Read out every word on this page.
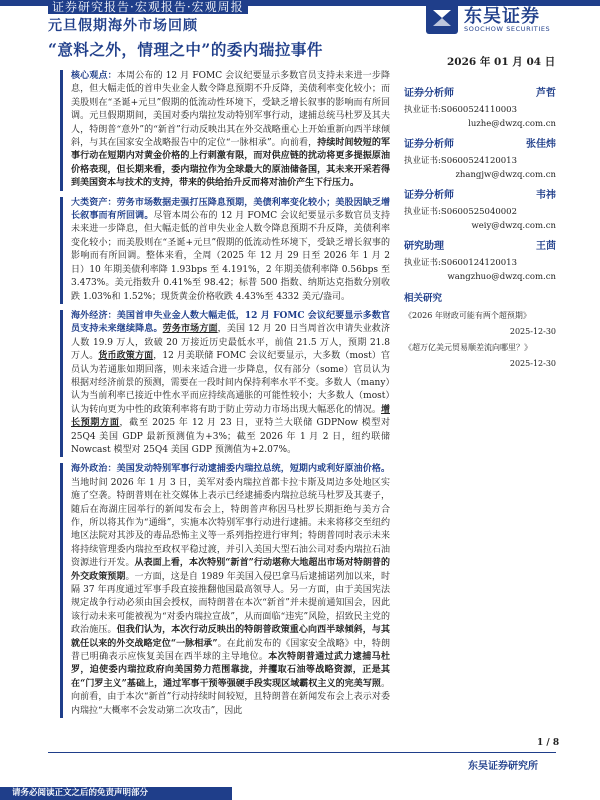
证券研究报告·宏观报告·宏观周报
元旦假期海外市场回顾
“意料之外，情理之中”的委内瑞拉事件
东吴证券
SOOCHOW SECURITIES
2026 年 01 月 04 日
核心观点：本周公布的 12 月 FOMC 会议纪要显示多数官员支持未来进一步降息，但大幅走低的首申失业金人数令降息预期不升反降，美债利率变化较小；而美股则在“圣诞+元旦”假期的低流动性环境下，受缺乏增长叙事的影响而有所回调。元旦假期期间，美国对委内瑞拉发动特别军事行动，逮捕总统马杜罗及其夫人，特朗普“意外”的“新首”行动反映出其在外交战略重心上开始重新向西半球倾斜，与其在国家安全战略报告中的定位“一脉相承”。向前看，持续时间较短的军事行动在短期内对黄金价格的上行刺激有限，而对供应链的扰动将更多提振原油价格表现，但长期来看，委内瑞拉作为全球最大的原油储备国，其未来开采若得到美国资本与技术的支持，带来的供给抬升反而将对油价产生下行压力。
大类资产：劳务市场数据走强打压降息预期，美债利率变化较小；美股因缺乏增长叙事而有所回调。尽管本周公布的 12 月 FOMC 会议纪要显示多数官员支持未来进一步降息，但大幅走低的首申失业金人数令降息预期不升反降，美债利率变化较小；而美股则在“圣诞+元旦”假期的低流动性环境下，受缺乏增长叙事的影响而有所回调。整体来看，全周（2025 年 12 月 29 日至 2026 年 1 月 2 日）10 年期美债利率降 1.93bps 至 4.191%，2 年期美债利率降 0.56bps 至 3.473%。美元指数升 0.41%至 98.42；标普 500 指数、纳斯达克指数分别收跌 1.03%和 1.52%；现货黄金价格收跌 4.43%至 4332 美元/盎司。
海外经济：美国首申失业金人数大幅走低，12 月 FOMC 会议纪要显示多数官员支持未来继续降息。劳务市场方面，美国 12 月 20 日当周首次申请失业救济人数 19.9 万人，致破 20 万接近历史最低水平，前值 21.5 万人，预期 21.8 万人。货币政策方面，12 月美联储 FOMC 会议纪要显示，大多数（most）官员认为若通胀如期回落，则未来适合进一步降息，仅有部分（some）官员认为根据对经济前景的预测，需要在一段时间内保持利率水平不变。多数人（many）认为当前利率已接近中性水平而应持续高通胀的可能性较小；大多数人（most）认为转向更为中性的政策利率将有助于防止劳动力市场出现大幅恶化的情况。增长预期方面，截至 2025 年 12 月 23 日，亚特兰大联储 GDPNow 模型对 25Q4 美国 GDP 最新预测值为+3%；截至 2026 年 1 月 2 日，纽约联储 Nowcast 模型对 25Q4 美国 GDP 预测值为+2.07%。
海外政治：美国发动特别军事行动逮捕委内瑞拉总统，短期内或利好原油价格。当地时间 2026 年 1 月 3 日，美军对委内瑞拉首都卡拉卡斯及周边多处地区实施了空袭。特朗普则在社交媒体上表示已经逮捕委内瑞拉总统马杜罗及其妻子，随后在海湖庄园举行的新闻发布会上，特朗普声称因马杜罗长期拒绝与美方合作，所以将其作为“通缉”，实施本次特别军事行动进行逮捕。未来将移交至纽约地区法院对其涉及的毒品恐怖主义等一系列指控进行审判；特朗普同时表示未来将持续管理委内瑞拉至政权平稳过渡，并引入美国大型石油公司对委内瑞拉石油资源进行开发。从表面上看，本次特别“新首”行动堪称大地超出市场对特朗普的外交政策预期。一方面，这是自 1989 年美国入侵巴拿马后逮捕诺列加以来，时隔 37 年再度通过军事手段直接推翻他国最高领导人。另一方面，由于美国宪法规定战争行动必须由国会授权，而特朗普在本次“新首”并未提前通知国会，因此该行动未来可能被视为“对委内瑞拉宣战”，从而面临“违宪”风险，招致民主党的政治施压。但我们认为，本次行动反映出的特朗普政策重心向西半球倾斜，与其就任以来的外交战略定位“一脉相承”。在此前发布的《国家安全战略》中，特朗普已明确表示应恢复美国在西半球的主导地位。本次特朗普通过武力逮捕马杜罗，迫使委内瑞拉政府向美国势力范围靠拢，并攫取石油等战略资源，正是其在“门罗主义”基础上，通过军事干预等强硬手段实现区域霸权主义的完美写照。向前看，由于本次“新首”行动持续时间较短，且特朗普在新闻发布会上表示对委内瑞拉“大概率不会发动第二次攻击”，因此
证券分析师	芦哲
执业证书:S0600524110003
luzhe@dwzq.com.cn
证券分析师	张佳炜
执业证书:S0600524120013
zhangjw@dwzq.com.cn
证券分析师	韦祎
执业证书:S0600525040002
weiy@dwzq.com.cn
研究助理	王茴
执业证书:S0600124120013
wangzhuo@dwzq.com.cn
相关研究
《2026 年财政可能有两个超预期》
2025-12-30
《超万亿美元贸易顺差流向哪里？》
2025-12-30
1 / 8
东吴证券研究所
请务必阅读正文之后的免责声明部分
